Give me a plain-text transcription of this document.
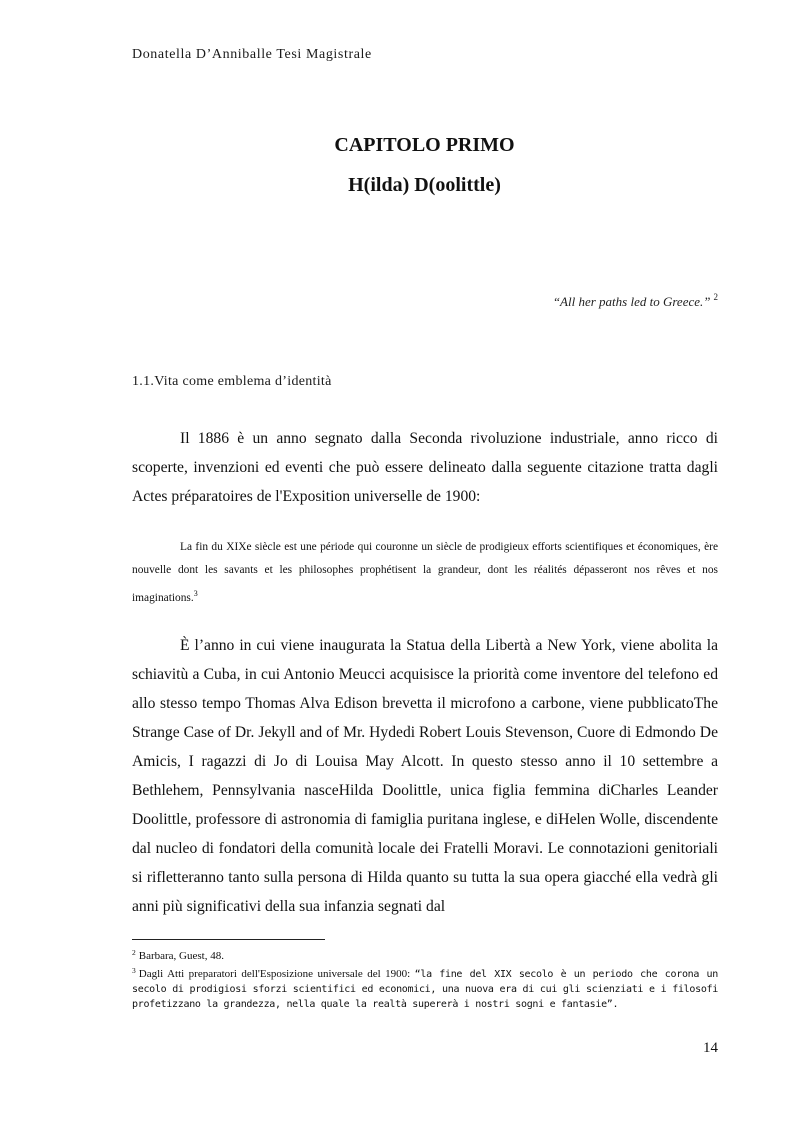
Donatella D’Anniballe Tesi Magistrale
CAPITOLO PRIMO
H(ilda) D(oolittle)
“All her paths led to Greece.” $^2$
1.1.Vita come emblema d’identità

Il 1886 è un anno segnato dalla Seconda rivoluzione industriale, anno ricco di scoperte, invenzioni ed eventi che può essere delineato dalla seguente citazione tratta dagli Actes préparatoires de l'Exposition universelle de 1900:

La fin du XIXe siècle est une période qui couronne un siècle de prodigieux efforts scientifiques et économiques, ère nouvelle dont les savants et les philosophes prophétisent la grandeur, dont les réalités dépasseront nos rêves et nos imaginations.$^3$

È l’anno in cui viene inaugurata la Statua della Libertà a New York, viene abolita la schiavitù a Cuba, in cui Antonio Meucci acquisisce la priorità come inventore del telefono ed allo stesso tempo Thomas Alva Edison brevetta il microfono a carbone, viene pubblicatoThe Strange Case of Dr. Jekyll and of Mr. Hydedi Robert Louis Stevenson, Cuore di Edmondo De Amicis, I ragazzi di Jo di Louisa May Alcott. In questo stesso anno il 10 settembre a Bethlehem, Pennsylvania nasceHilda Doolittle, unica figlia femmina diCharles Leander Doolittle, professore di astronomia di famiglia puritana inglese, e diHelen Wolle, discendente dal nucleo di fondatori della comunità locale dei Fratelli Moravi. Le connotazioni genitoriali si rifletteranno tanto sulla persona di Hilda quanto su tutta la sua opera giacché ella vedrà gli anni più significativi della sua infanzia segnati dal

$^2$ Barbara, Guest, 48.

$^3$ Dagli Atti preparatori dell'Esposizione universale del 1900: “la fine del XIX secolo è un periodo che corona un secolo di prodigiosi sforzi scientifici ed economici, una nuova era di cui gli scienziati e i filosofi profetizzano la grandezza, nella quale la realtà supererà i nostri sogni e fantasie”.

14
